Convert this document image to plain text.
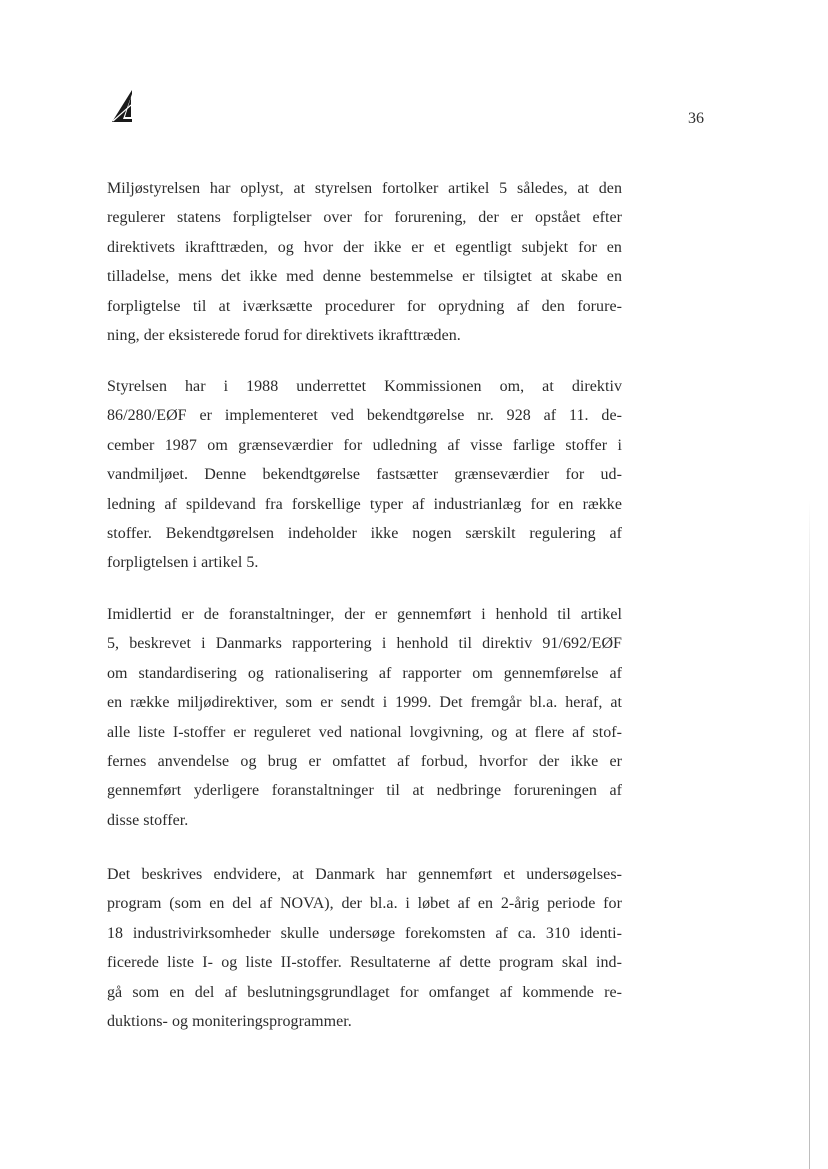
36

Miljøstyrelsen har oplyst, at styrelsen fortolker artikel 5 således, at den
regulerer statens forpligtelser over for forurening, der er opstået efter
direktivets ikrafttræden, og hvor der ikke er et egentligt subjekt for en
tilladelse, mens det ikke med denne bestemmelse er tilsigtet at skabe en
forpligtelse til at iværksætte procedurer for oprydning af den forure-
ning, der eksisterede forud for direktivets ikrafttræden.

Styrelsen har i 1988 underrettet Kommissionen om, at direktiv
86/280/EØF er implementeret ved bekendtgørelse nr. 928 af 11. de-
cember 1987 om grænseværdier for udledning af visse farlige stoffer i
vandmiljøet. Denne bekendtgørelse fastsætter grænseværdier for ud-
ledning af spildevand fra forskellige typer af industrianlæg for en række
stoffer. Bekendtgørelsen indeholder ikke nogen særskilt regulering af
forpligtelsen i artikel 5.

Imidlertid er de foranstaltninger, der er gennemført i henhold til artikel
5, beskrevet i Danmarks rapportering i henhold til direktiv 91/692/EØF
om standardisering og rationalisering af rapporter om gennemførelse af
en række miljødirektiver, som er sendt i 1999. Det fremgår bl.a. heraf, at
alle liste I-stoffer er reguleret ved national lovgivning, og at flere af stof-
fernes anvendelse og brug er omfattet af forbud, hvorfor der ikke er
gennemført yderligere foranstaltninger til at nedbringe forureningen af
disse stoffer.

Det beskrives endvidere, at Danmark har gennemført et undersøgelses-
program (som en del af NOVA), der bl.a. i løbet af en 2-årig periode for
18 industrivirksomheder skulle undersøge forekomsten af ca. 310 identi-
ficerede liste I- og liste II-stoffer. Resultaterne af dette program skal ind-
gå som en del af beslutningsgrundlaget for omfanget af kommende re-
duktions- og moniteringsprogrammer.
